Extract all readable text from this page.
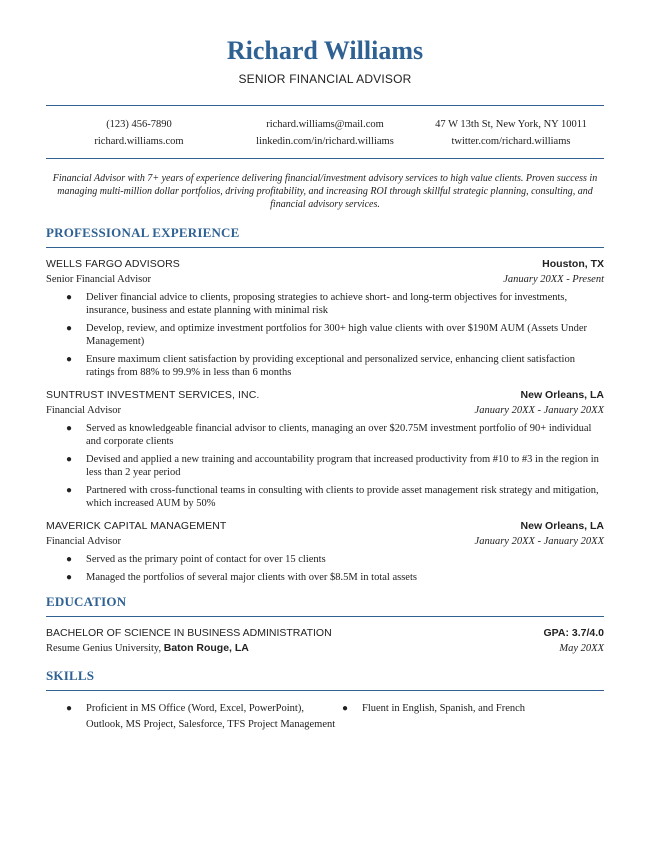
Richard Williams
SENIOR FINANCIAL ADVISOR
(123) 456-7890	richard.williams@mail.com	47 W 13th St, New York, NY 10011
richard.williams.com	linkedin.com/in/richard.williams	twitter.com/richard.williams

Financial Advisor with 7+ years of experience delivering financial/investment advisory services to high value clients. Proven success in managing multi-million dollar portfolios, driving profitability, and increasing ROI through skillful strategic planning, consulting, and financial advisory services.

PROFESSIONAL EXPERIENCE
WELLS FARGO ADVISORS	Houston, TX
Senior Financial Advisor	January 20XX - Present
● Deliver financial advice to clients, proposing strategies to achieve short- and long-term objectives for investments, insurance, business and estate planning with minimal risk
● Develop, review, and optimize investment portfolios for 300+ high value clients with over $190M AUM (Assets Under Management)
● Ensure maximum client satisfaction by providing exceptional and personalized service, enhancing client satisfaction ratings from 88% to 99.9% in less than 6 months
SUNTRUST INVESTMENT SERVICES, INC.	New Orleans, LA
Financial Advisor	January 20XX - January 20XX
● Served as knowledgeable financial advisor to clients, managing an over $20.75M investment portfolio of 90+ individual and corporate clients
● Devised and applied a new training and accountability program that increased productivity from #10 to #3 in the region in less than 2 year period
● Partnered with cross-functional teams in consulting with clients to provide asset management risk strategy and mitigation, which increased AUM by 50%
MAVERICK CAPITAL MANAGEMENT	New Orleans, LA
Financial Advisor	January 20XX - January 20XX
● Served as the primary point of contact for over 15 clients
● Managed the portfolios of several major clients with over $8.5M in total assets
EDUCATION
BACHELOR OF SCIENCE IN BUSINESS ADMINISTRATION	GPA: 3.7/4.0
Resume Genius University, Baton Rouge, LA	May 20XX
SKILLS
● Proficient in MS Office (Word, Excel, PowerPoint), Outlook, MS Project, Salesforce, TFS Project Management
● Fluent in English, Spanish, and French
